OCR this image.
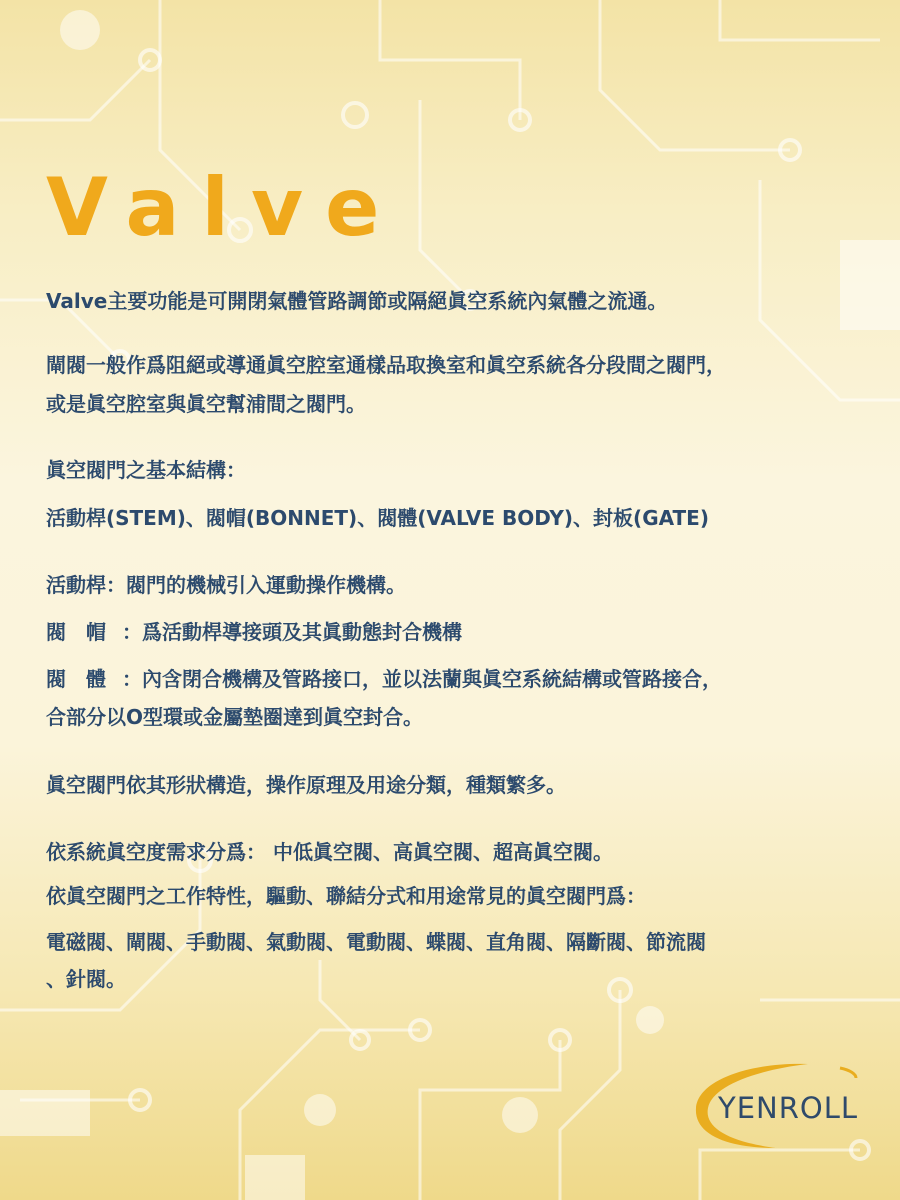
Valve
Valve主要功能是可開閉氣體管路調節或隔絕眞空系統內氣體之流通。
閘閥一般作爲阻絕或導通眞空腔室通樣品取換室和眞空系統各分段間之閥門，
或是眞空腔室與眞空幫浦間之閥門。
眞空閥門之基本結構：
活動桿(STEM)、閥帽(BONNET)、閥體(VALVE BODY)、封板(GATE)
活動桿：閥門的機械引入運動操作機構。
閥 帽 ：爲活動桿導接頭及其眞動態封合機構
閥 體 ：內含閉合機構及管路接口，並以法蘭與眞空系統結構或管路接合，
合部分以O型環或金屬墊圈達到眞空封合。
眞空閥門依其形狀構造，操作原理及用途分類，種類繁多。
依系統眞空度需求分爲： 中低眞空閥、高眞空閥、超高眞空閥。
依眞空閥門之工作特性，驅動、聯結分式和用途常見的眞空閥門爲：
電磁閥、閘閥、手動閥、氣動閥、電動閥、蝶閥、直角閥、隔斷閥、節流閥
、針閥。
YENROLL
